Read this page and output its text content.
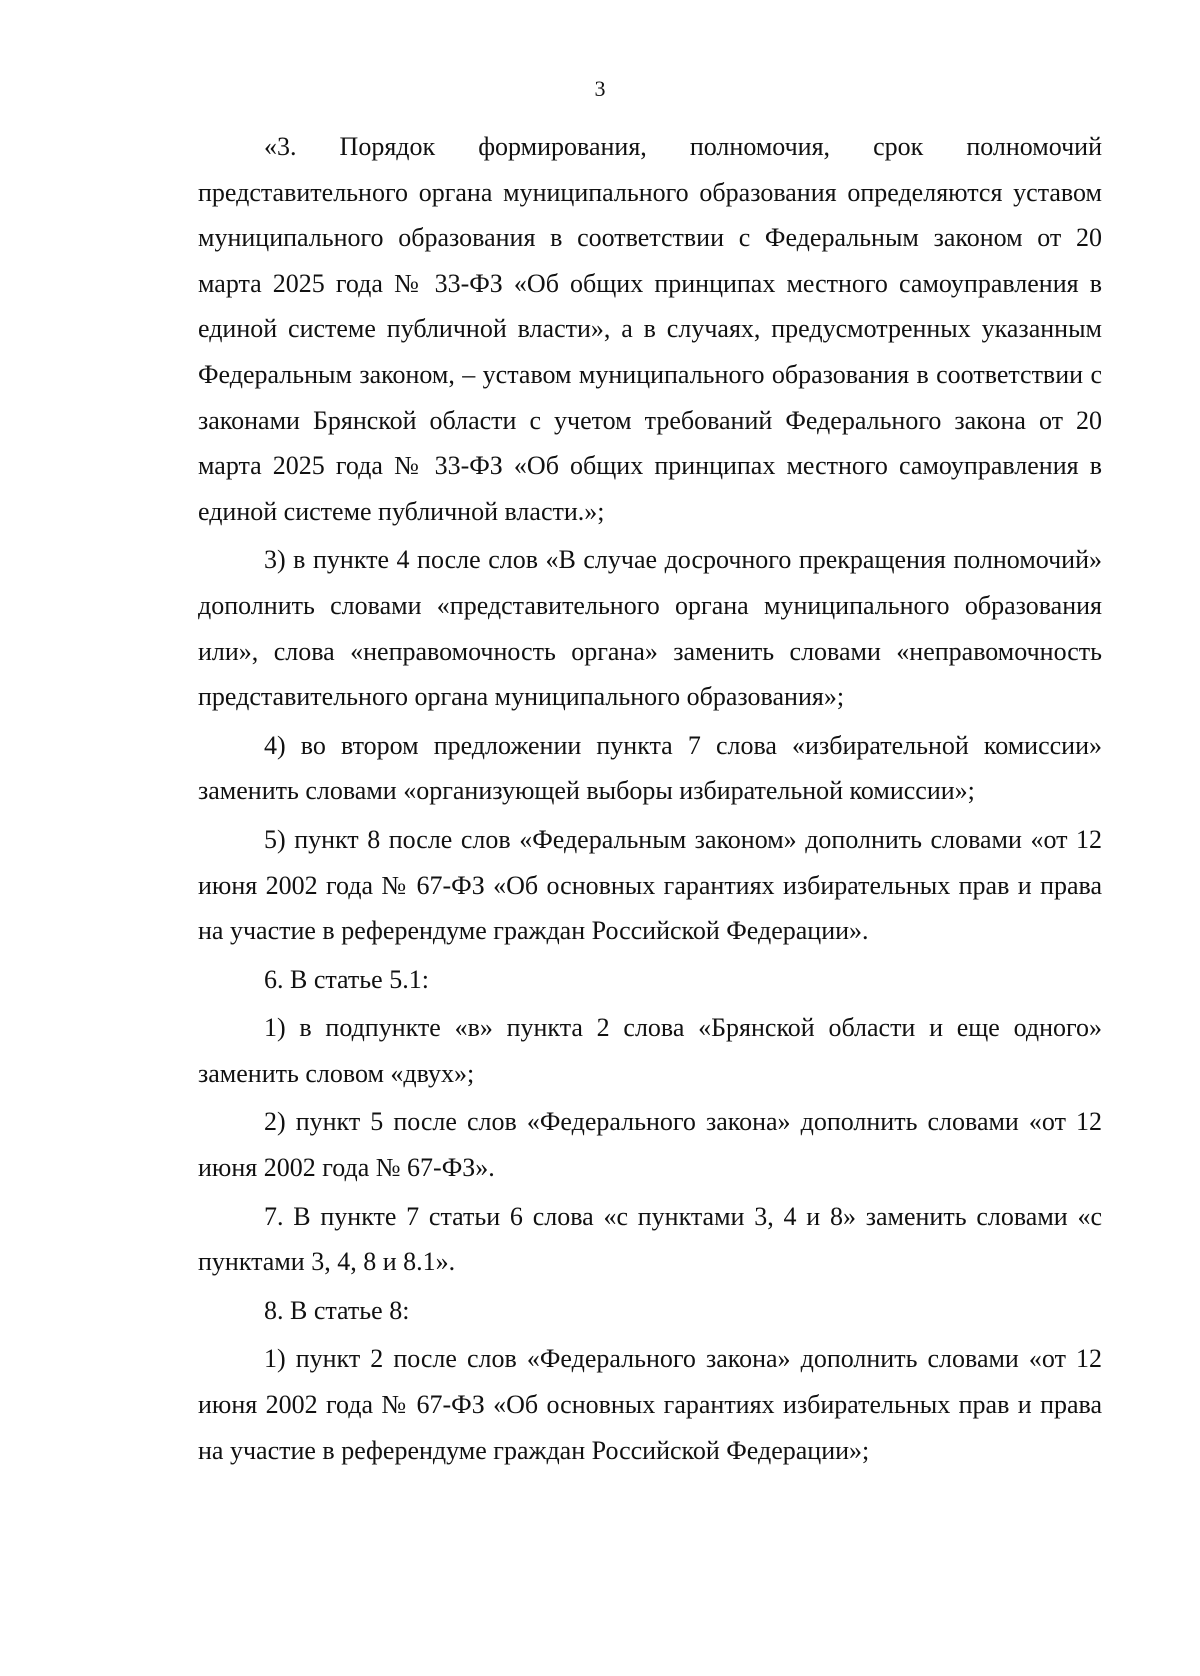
3

«3. Порядок формирования, полномочия, срок полномочий представительного органа муниципального образования определяются уставом муниципального образования в соответствии с Федеральным законом от 20 марта 2025 года № 33-ФЗ «Об общих принципах местного самоуправления в единой системе публичной власти», а в случаях, предусмотренных указанным Федеральным законом, – уставом муниципального образования в соответствии с законами Брянской области с учетом требований Федерального закона от 20 марта 2025 года № 33-ФЗ «Об общих принципах местного самоуправления в единой системе публичной власти.»;

3) в пункте 4 после слов «В случае досрочного прекращения полномочий» дополнить словами «представительного органа муниципального образования или», слова «неправомочность органа» заменить словами «неправомочность представительного органа муниципального образования»;

4) во втором предложении пункта 7 слова «избирательной комиссии» заменить словами «организующей выборы избирательной комиссии»;

5) пункт 8 после слов «Федеральным законом» дополнить словами «от 12 июня 2002 года № 67-ФЗ «Об основных гарантиях избирательных прав и права на участие в референдуме граждан Российской Федерации».

6. В статье 5.1:

1) в подпункте «в» пункта 2 слова «Брянской области и еще одного» заменить словом «двух»;

2) пункт 5 после слов «Федерального закона» дополнить словами «от 12 июня 2002 года № 67-ФЗ».

7. В пункте 7 статьи 6 слова «с пунктами 3, 4 и 8» заменить словами «с пунктами 3, 4, 8 и 8.1».

8. В статье 8:

1) пункт 2 после слов «Федерального закона» дополнить словами «от 12 июня 2002 года № 67-ФЗ «Об основных гарантиях избирательных прав и права на участие в референдуме граждан Российской Федерации»;
